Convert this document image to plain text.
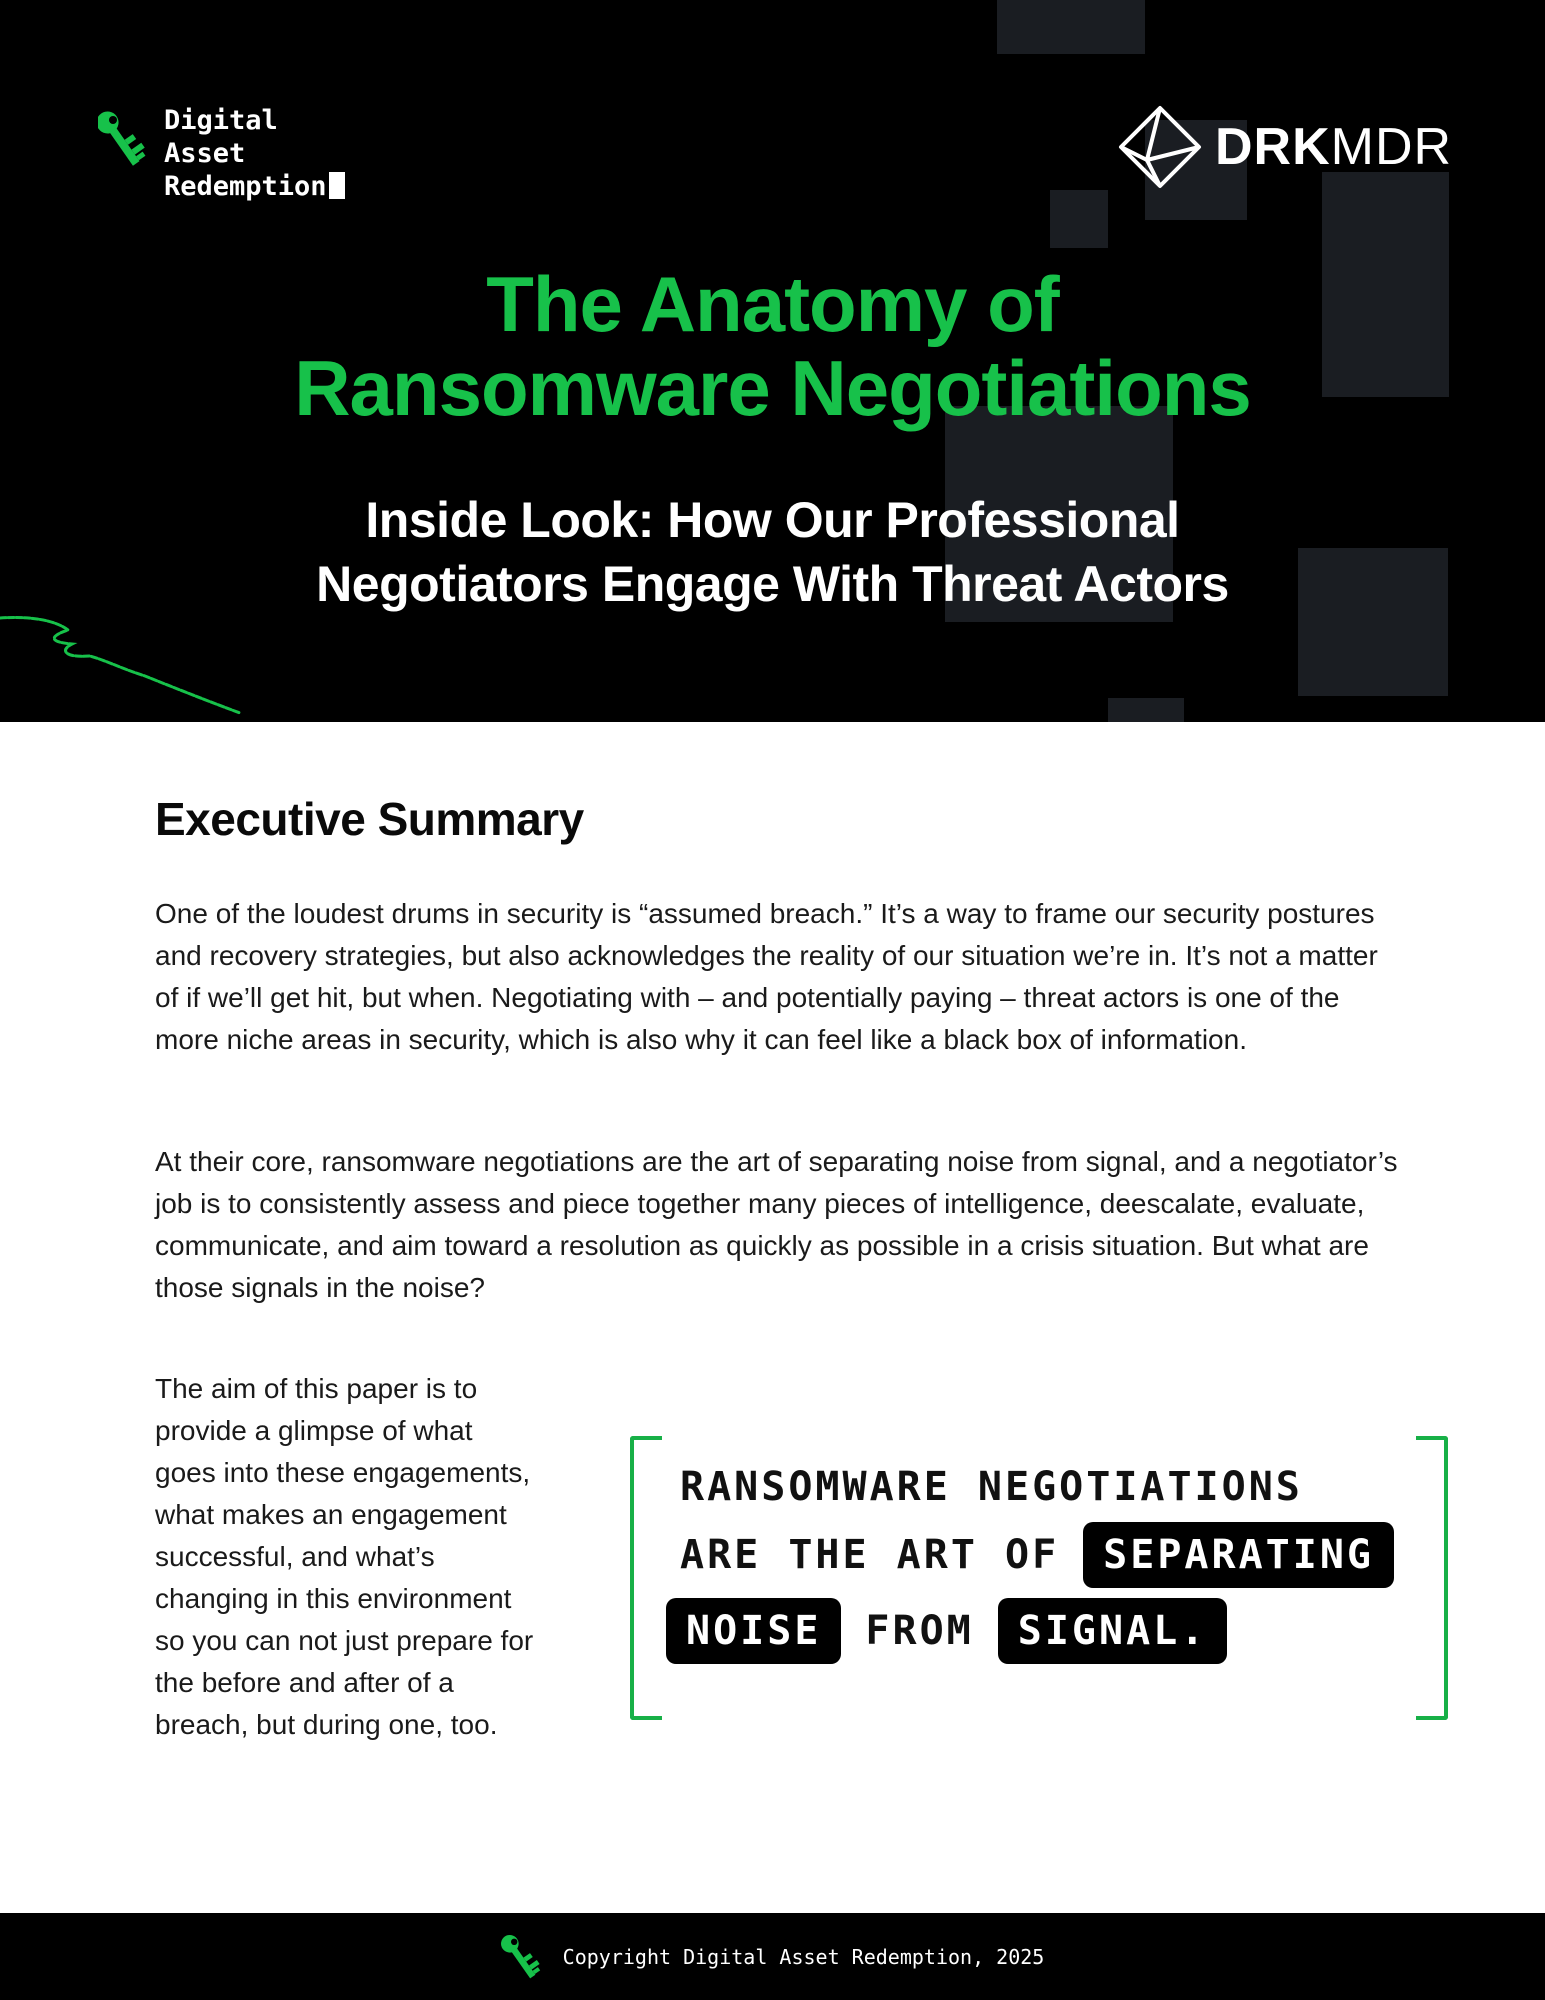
Digital
Asset
Redemption
DRKMDR
The Anatomy of
Ransomware Negotiations
Inside Look: How Our Professional
Negotiators Engage With Threat Actors
Executive Summary

One of the loudest drums in security is “assumed breach.” It’s a way to frame our security postures and recovery strategies, but also acknowledges the reality of our situation we’re in. It’s not a matter of if we’ll get hit, but when. Negotiating with – and potentially paying – threat actors is one of the more niche areas in security, which is also why it can feel like a black box of information.

At their core, ransomware negotiations are the art of separating noise from signal, and a negotiator’s job is to consistently assess and piece together many pieces of intelligence, deescalate, evaluate, communicate, and aim toward a resolution as quickly as possible in a crisis situation. But what are those signals in the noise?

The aim of this paper is to provide a glimpse of what goes into these engagements, what makes an engagement successful, and what’s changing in this environment so you can not just prepare for the before and after of a breach, but during one, too.

RANSOMWARE NEGOTIATIONS
ARE THE ART OF	SEPARATING
NOISE	FROM	SIGNAL.
Copyright Digital Asset Redemption, 2025
